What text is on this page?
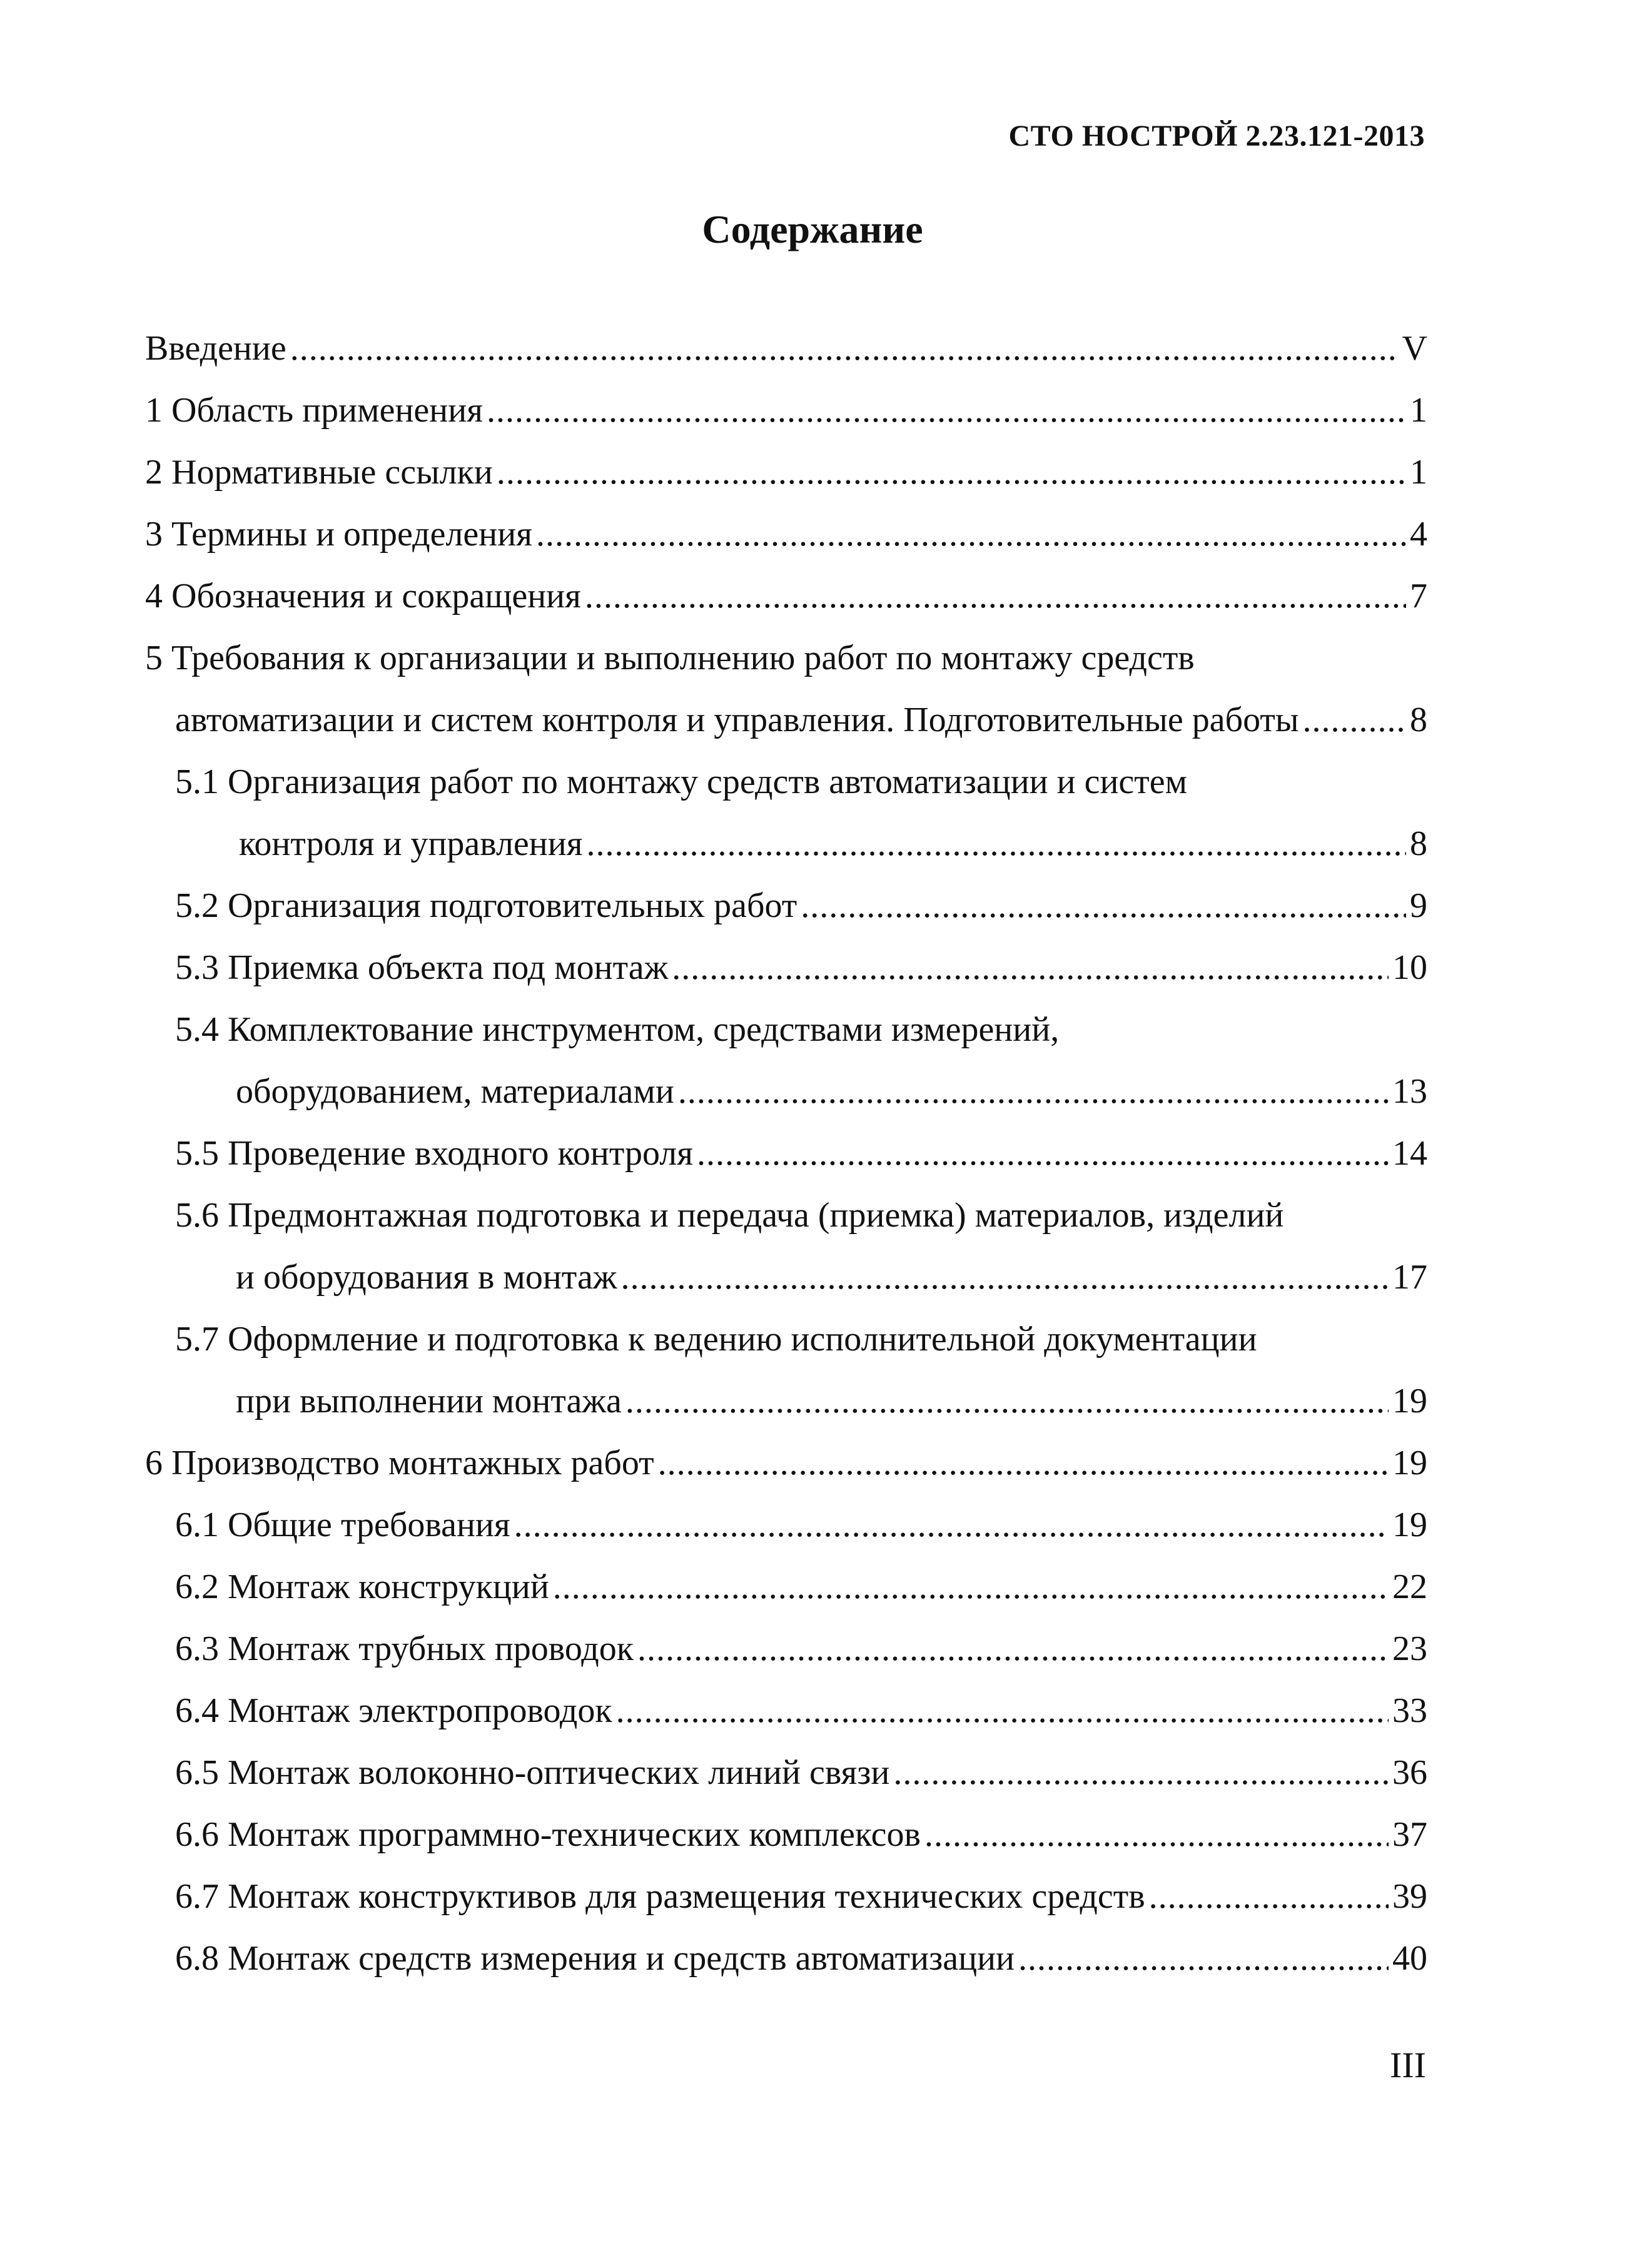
СТО НОСТРОЙ 2.23.121-2013
Содержание
Введение .....	V
1 Область применения .....	1
2 Нормативные ссылки .....	1
3 Термины и определения .....	4
4 Обозначения и сокращения .....	7
5 Требования к организации и выполнению работ по монтажу средств
автоматизации и систем контроля и управления. Подготовительные работы .....	8
5.1 Организация работ по монтажу средств автоматизации и систем
контроля и управления .....	8
5.2 Организация подготовительных работ .....	9
5.3 Приемка объекта под монтаж .....	10
5.4 Комплектование инструментом, средствами измерений,
оборудованием, материалами .....	13
5.5 Проведение входного контроля .....	14
5.6 Предмонтажная подготовка и передача (приемка) материалов, изделий
и оборудования в монтаж .....	17
5.7 Оформление и подготовка к ведению исполнительной документации
при выполнении монтажа .....	19
6 Производство монтажных работ .....	19
6.1 Общие требования .....	19
6.2 Монтаж конструкций .....	22
6.3 Монтаж трубных проводок .....	23
6.4 Монтаж электропроводок .....	33
6.5 Монтаж волоконно-оптических линий связи .....	36
6.6 Монтаж программно-технических комплексов .....	37
6.7 Монтаж конструктивов для размещения технических средств .....	39
6.8 Монтаж средств измерения и средств автоматизации .....	40
III
